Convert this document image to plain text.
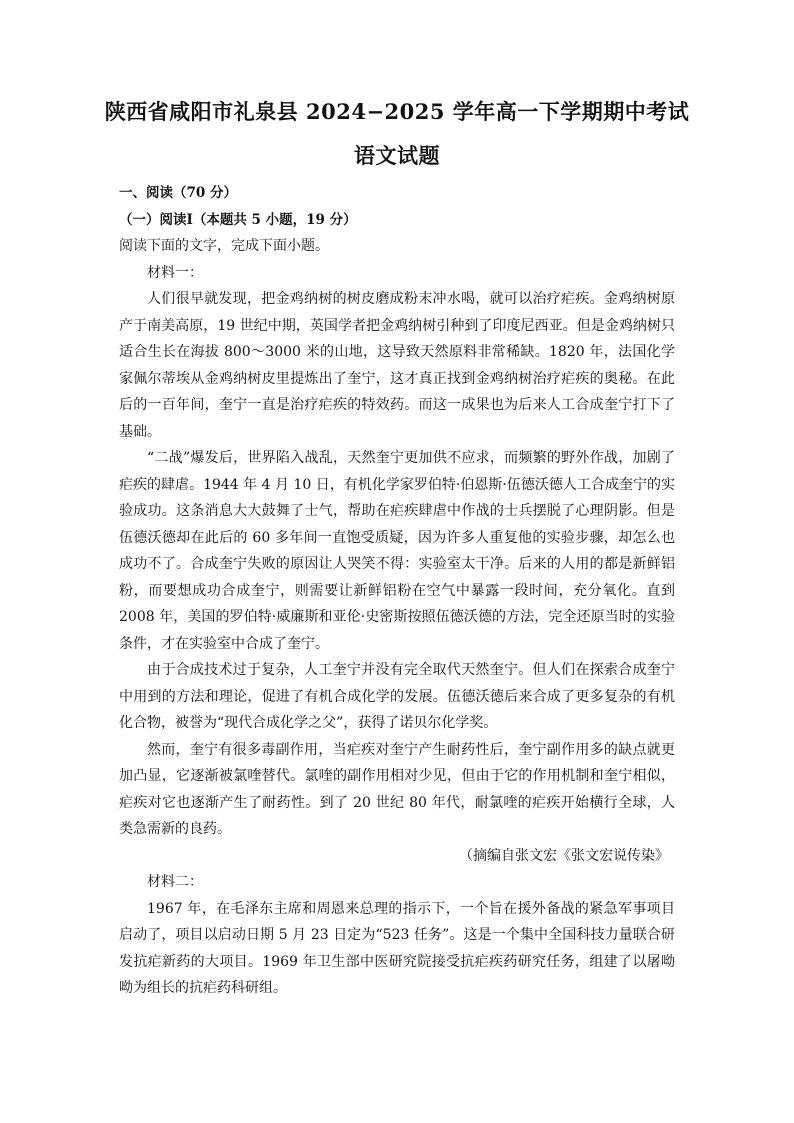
陕西省咸阳市礼泉县 2024−2025 学年高一下学期期中考试
语文试题

一、阅读（70 分）

（一）阅读Ⅰ（本题共 5 小题，19 分）

阅读下面的文字，完成下面小题。

材料一：

人们很早就发现，把金鸡纳树的树皮磨成粉末冲水喝，就可以治疗疟疾。金鸡纳树原产于南美高原，19 世纪中期，英国学者把金鸡纳树引种到了印度尼西亚。但是金鸡纳树只适合生长在海拔 800～3000 米的山地，这导致天然原料非常稀缺。1820 年，法国化学家佩尔蒂埃从金鸡纳树皮里提炼出了奎宁，这才真正找到金鸡纳树治疗疟疾的奥秘。在此后的一百年间，奎宁一直是治疗疟疾的特效药。而这一成果也为后来人工合成奎宁打下了基础。

“二战”爆发后，世界陷入战乱，天然奎宁更加供不应求，而频繁的野外作战，加剧了疟疾的肆虐。1944 年 4 月 10 日，有机化学家罗伯特·伯恩斯·伍德沃德人工合成奎宁的实验成功。这条消息大大鼓舞了士气，帮助在疟疾肆虐中作战的士兵摆脱了心理阴影。但是伍德沃德却在此后的 60 多年间一直饱受质疑，因为许多人重复他的实验步骤，却怎么也成功不了。合成奎宁失败的原因让人哭笑不得：实验室太干净。后来的人用的都是新鲜铝粉，而要想成功合成奎宁，则需要让新鲜铝粉在空气中暴露一段时间，充分氧化。直到 2008 年，美国的罗伯特·威廉斯和亚伦·史密斯按照伍德沃德的方法，完全还原当时的实验条件，才在实验室中合成了奎宁。

由于合成技术过于复杂，人工奎宁并没有完全取代天然奎宁。但人们在探索合成奎宁中用到的方法和理论，促进了有机合成化学的发展。伍德沃德后来合成了更多复杂的有机化合物，被誉为“现代合成化学之父”，获得了诺贝尔化学奖。

然而，奎宁有很多毒副作用，当疟疾对奎宁产生耐药性后，奎宁副作用多的缺点就更加凸显，它逐渐被氯喹替代。氯喹的副作用相对少见，但由于它的作用机制和奎宁相似，疟疾对它也逐渐产生了耐药性。到了 20 世纪 80 年代，耐氯喹的疟疾开始横行全球，人类急需新的良药。

（摘编自张文宏《张文宏说传染》

材料二：

1967 年，在毛泽东主席和周恩来总理的指示下，一个旨在援外备战的紧急军事项目启动了，项目以启动日期 5 月 23 日定为“523 任务”。这是一个集中全国科技力量联合研发抗疟新药的大项目。1969 年卫生部中医研究院接受抗疟疾药研究任务，组建了以屠呦呦为组长的抗疟药科研组。
